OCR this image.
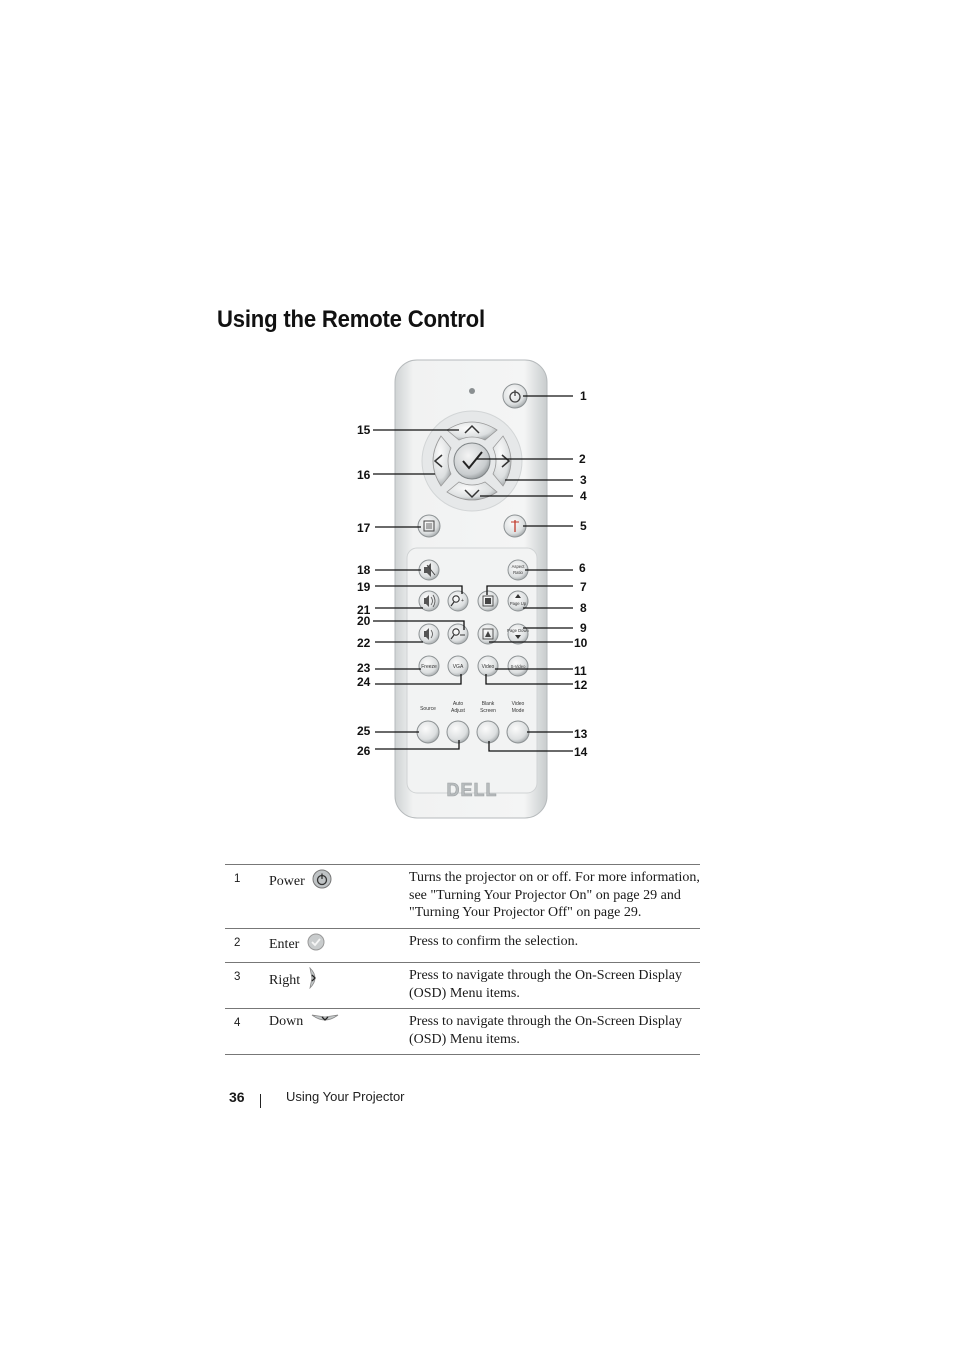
Using the Remote Control
Aspect
Ratio
+	Page Up
Page Down
Freeze	VGA	Video	S-Video
Source
Auto
Adjust
Blank
Screen
Video
Mode
DELL
1
2
3
4
5
6
7
8
9
10
11
12
13
14
15
16
17
18
19
20
21
22
23
24
25
26
1	Power	Turns the projector on or off. For more information, see "Turning Your Projector On" on page 29 and "Turning Your Projector Off" on page 29.
2	Enter	Press to confirm the selection.
3	Right	Press to navigate through the On-Screen Display (OSD) Menu items.
4	Down	Press to navigate through the On-Screen Display (OSD) Menu items.
36	Using Your Projector
